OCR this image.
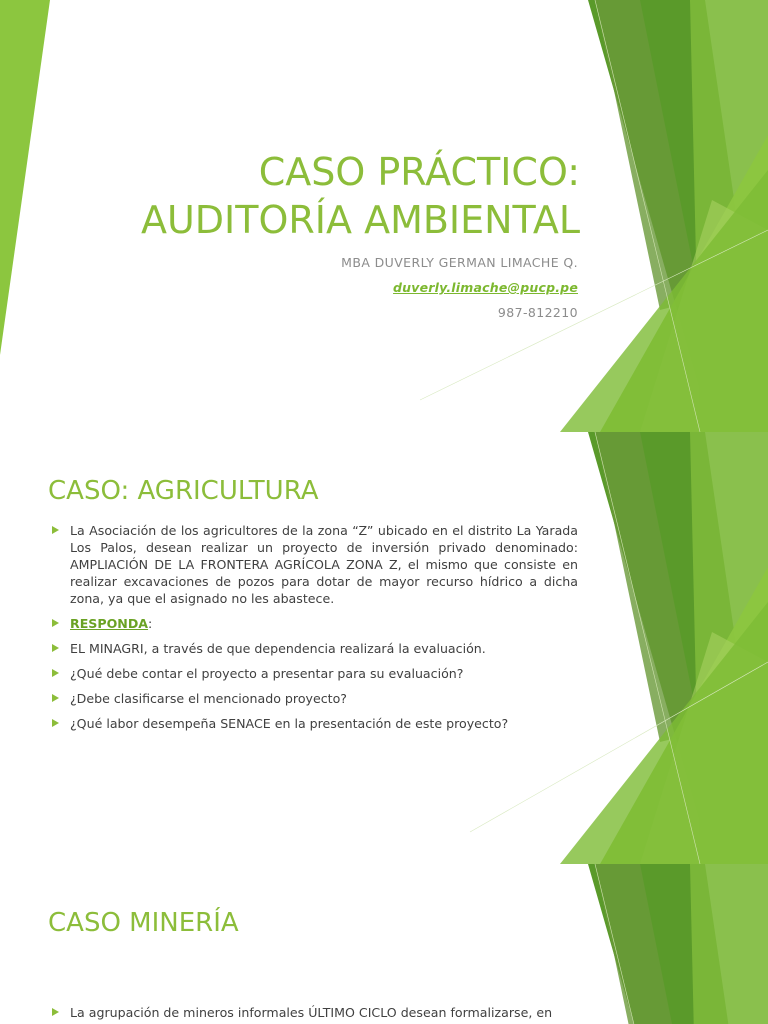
CASO PRÁCTICO:
AUDITORÍA AMBIENTAL

MBA DUVERLY GERMAN LIMACHE Q.

duverly.limache@pucp.pe

987-812210

CASO: AGRICULTURA
La Asociación de los agricultores de la zona “Z” ubicado en el distrito La Yarada Los Palos, desean realizar un proyecto de inversión privado denominado: AMPLIACIÓN DE LA FRONTERA AGRÍCOLA ZONA Z, el mismo que consiste en realizar excavaciones de pozos para dotar de mayor recurso hídrico a dicha zona, ya que el asignado no les abastece.
RESPONDA:
EL MINAGRI, a través de que dependencia realizará la evaluación.
¿Qué debe contar el proyecto a presentar para su evaluación?
¿Debe clasificarse el mencionado proyecto?
¿Qué labor desempeña SENACE en la presentación de este proyecto?
CASO MINERÍA
La agrupación de mineros informales ÚLTIMO CICLO desean formalizarse, en
